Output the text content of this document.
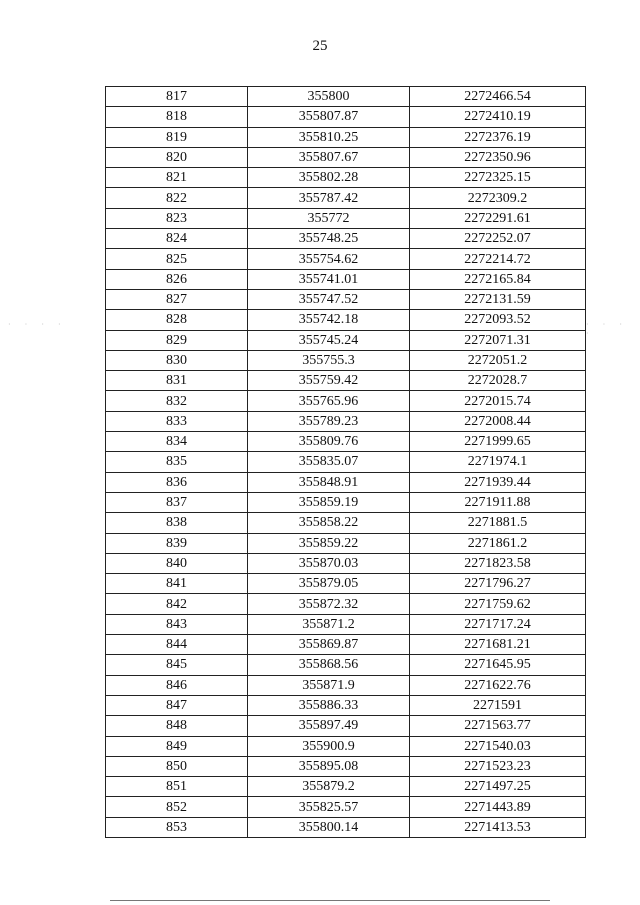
25
817	355800	2272466.54
818	355807.87	2272410.19
819	355810.25	2272376.19
820	355807.67	2272350.96
821	355802.28	2272325.15
822	355787.42	2272309.2
823	355772	2272291.61
824	355748.25	2272252.07
825	355754.62	2272214.72
826	355741.01	2272165.84
827	355747.52	2272131.59
828	355742.18	2272093.52
829	355745.24	2272071.31
830	355755.3	2272051.2
831	355759.42	2272028.7
832	355765.96	2272015.74
833	355789.23	2272008.44
834	355809.76	2271999.65
835	355835.07	2271974.1
836	355848.91	2271939.44
837	355859.19	2271911.88
838	355858.22	2271881.5
839	355859.22	2271861.2
840	355870.03	2271823.58
841	355879.05	2271796.27
842	355872.32	2271759.62
843	355871.2	2271717.24
844	355869.87	2271681.21
845	355868.56	2271645.95
846	355871.9	2271622.76
847	355886.33	2271591
848	355897.49	2271563.77
849	355900.9	2271540.03
850	355895.08	2271523.23
851	355879.2	2271497.25
852	355825.57	2271443.89
853	355800.14	2271413.53
· · · ·	· · · ·
